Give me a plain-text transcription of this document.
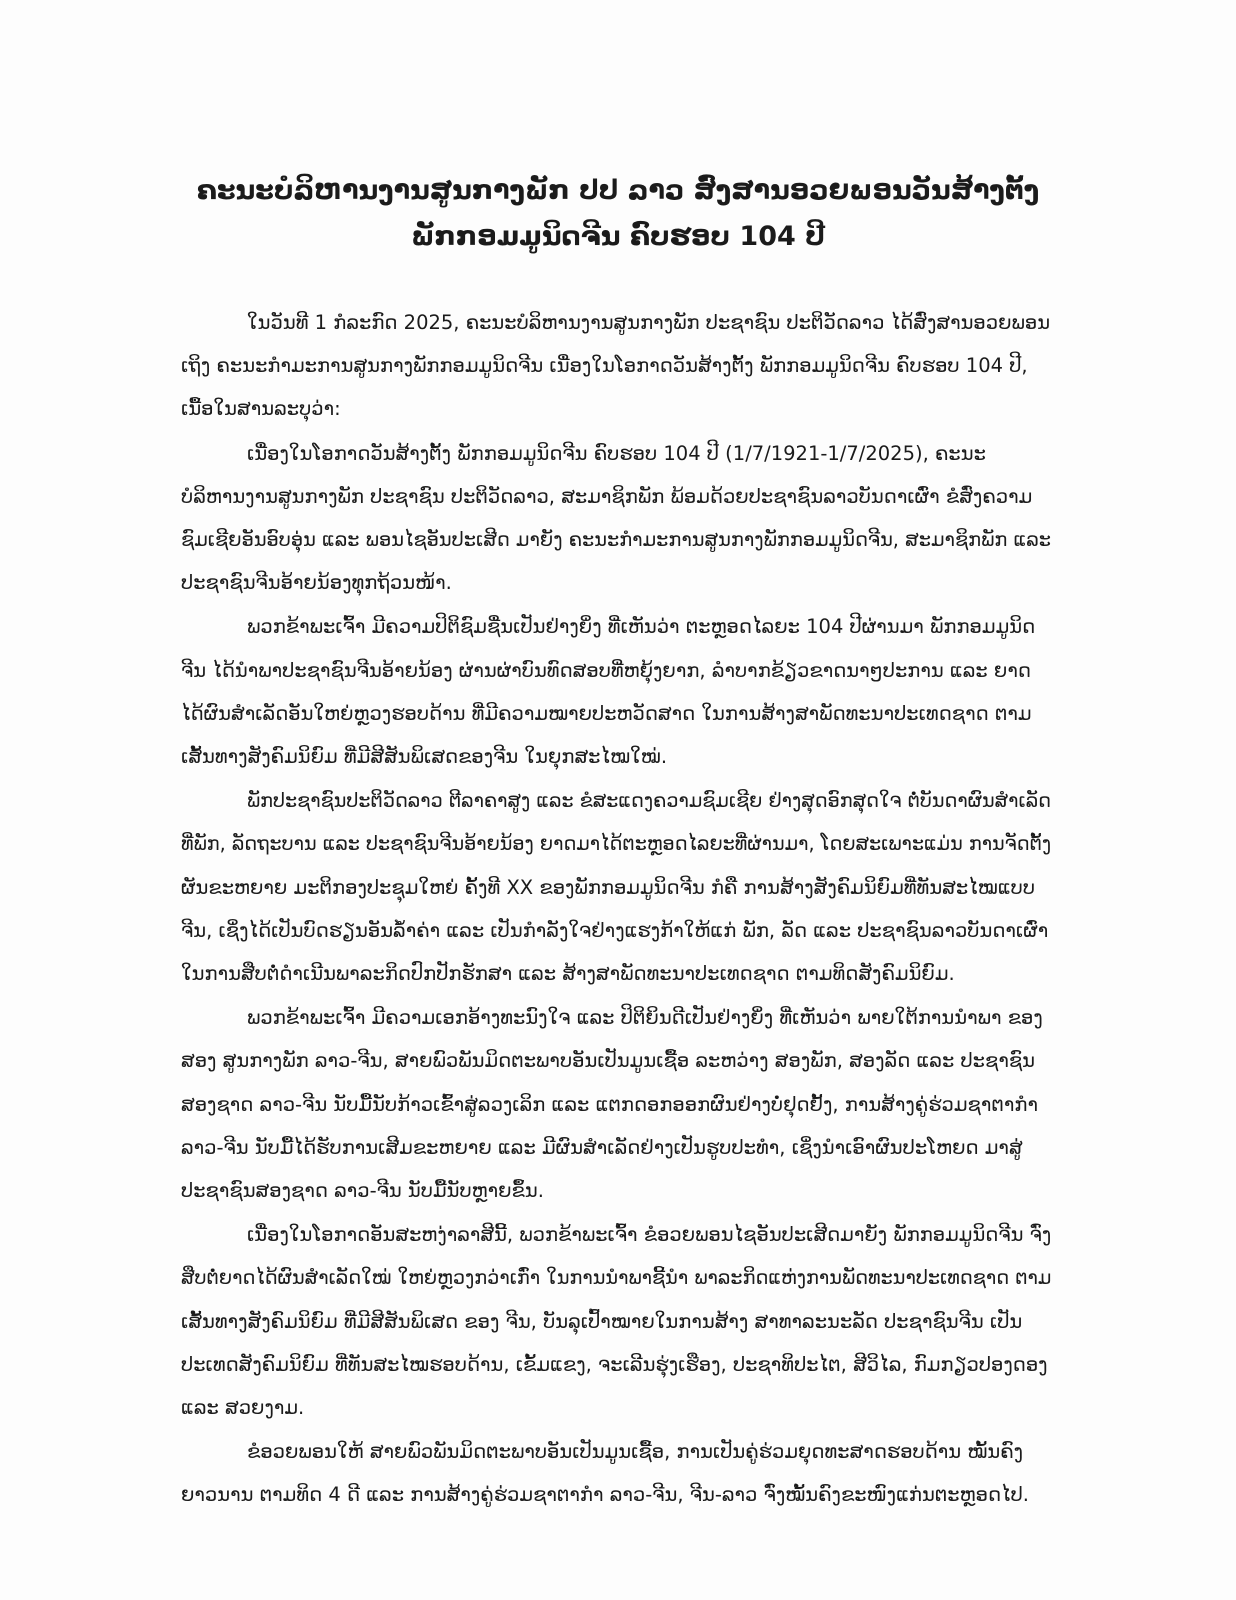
ຄະນະບໍລິຫານງານສູນກາງພັກ ປປ ລາວ ສົ່ງສານອວຍພອນວັນສ້າງຕັ້ງ
ພັກກອມມູນິດຈີນ ຄົບຮອບ 104 ປີ
ໃນວັນທີ 1 ກໍລະກົດ 2025, ຄະນະບໍລິຫານງານສູນກາງພັກ ປະຊາຊົນ ປະຕິວັດລາວ ໄດ້ສົ່ງສານອວຍພອນ
ເຖິງ ຄະນະກຳມະການສູນກາງພັກກອມມູນິດຈີນ ເນື່ອງໃນໂອກາດວັນສ້າງຕັ້ງ ພັກກອມມູນິດຈີນ ຄົບຮອບ 104 ປີ,
ເນື້ອໃນສານລະບຸວ່າ:
ເນື່ອງໃນໂອກາດວັນສ້າງຕັ້ງ ພັກກອມມູນິດຈີນ ຄົບຮອບ 104 ປີ (1/7/1921-1/7/2025), ຄະນະ
ບໍລິຫານງານສູນກາງພັກ ປະຊາຊົນ ປະຕິວັດລາວ, ສະມາຊິກພັກ ພ້ອມດ້ວຍປະຊາຊົນລາວບັນດາເຜົ່າ ຂໍສົ່ງຄວາມ
ຊົມເຊີຍອັນອົບອຸ່ນ ແລະ ພອນໄຊອັນປະເສີດ ມາຍັງ ຄະນະກຳມະການສູນກາງພັກກອມມູນິດຈີນ, ສະມາຊິກພັກ ແລະ
ປະຊາຊົນຈີນອ້າຍນ້ອງທຸກຖ້ວນໜ້າ.
ພວກຂ້າພະເຈົ້າ ມີຄວາມປິຕິຊົມຊື່ນເປັນຢ່າງຍິ່ງ ທີ່ເຫັນວ່າ ຕະຫຼອດໄລຍະ 104 ປີຜ່ານມາ ພັກກອມມູນິດ
ຈີນ ໄດ້ນຳພາປະຊາຊົນຈີນອ້າຍນ້ອງ ຜ່ານຜ່າບົນທົດສອບທີ່ຫຍຸ້ງຍາກ, ລຳບາກຂ້ຽວຂາດນາໆປະການ ແລະ ຍາດ
ໄດ້ຜົນສຳເລັດອັນໃຫຍ່ຫຼວງຮອບດ້ານ ທີ່ມີຄວາມໝາຍປະຫວັດສາດ ໃນການສ້າງສາພັດທະນາປະເທດຊາດ ຕາມ
ເສັ້ນທາງສັງຄົມນິຍົມ ທີ່ມີສີສັນພິເສດຂອງຈີນ ໃນຍຸກສະໄໝໃໝ່.
ພັກປະຊາຊົນປະຕິວັດລາວ ຕີລາຄາສູງ ແລະ ຂໍສະແດງຄວາມຊົມເຊີຍ ຢ່າງສຸດອົກສຸດໃຈ ຕໍ່ບັນດາຜົນສຳເລັດ
ທີ່ພັກ, ລັດຖະບານ ແລະ ປະຊາຊົນຈີນອ້າຍນ້ອງ ຍາດມາໄດ້ຕະຫຼອດໄລຍະທີ່ຜ່ານມາ, ໂດຍສະເພາະແມ່ນ ການຈັດຕັ້ງ
ຜັນຂະຫຍາຍ ມະຕິກອງປະຊຸມໃຫຍ່ ຄັ້ງທີ XX ຂອງພັກກອມມູນິດຈີນ ກໍຄື ການສ້າງສັງຄົມນິຍົມທີ່ທັນສະໄໝແບບ
ຈີນ, ເຊິ່ງໄດ້ເປັນບົດຮຽນອັນລ້ຳຄ່າ ແລະ ເປັນກຳລັງໃຈຢ່າງແຮງກ້າໃຫ້ແກ່ ພັກ, ລັດ ແລະ ປະຊາຊົນລາວບັນດາເຜົ່າ
ໃນການສືບຕໍ່ດຳເນີນພາລະກິດປົກປັກຮັກສາ ແລະ ສ້າງສາພັດທະນາປະເທດຊາດ ຕາມທິດສັງຄົມນິຍົມ.
ພວກຂ້າພະເຈົ້າ ມີຄວາມເອກອ້າງທະນົງໃຈ ແລະ ປິຕິຍິນດີເປັນຢ່າງຍິ່ງ ທີ່ເຫັນວ່າ ພາຍໃຕ້ການນຳພາ ຂອງ
ສອງ ສູນກາງພັກ ລາວ-ຈີນ, ສາຍພົວພັນມິດຕະພາບອັນເປັນມູນເຊື້ອ ລະຫວ່າງ ສອງພັກ, ສອງລັດ ແລະ ປະຊາຊົນ
ສອງຊາດ ລາວ-ຈີນ ນັບມື້ນັບກ້າວເຂົ້າສູ່ລວງເລິກ ແລະ ແຕກດອກອອກຜົນຢ່າງບໍ່ຢຸດຢັ້ງ, ການສ້າງຄູ່ຮ່ວມຊາຕາກຳ
ລາວ-ຈີນ ນັບມື້ໄດ້ຮັບການເສີມຂະຫຍາຍ ແລະ ມີຜົນສຳເລັດຢ່າງເປັນຮູບປະທຳ, ເຊິ່ງນຳເອົາຜົນປະໂຫຍດ ມາສູ່
ປະຊາຊົນສອງຊາດ ລາວ-ຈີນ ນັບມື້ນັບຫຼາຍຂຶ້ນ.
ເນື່ອງໃນໂອກາດອັນສະຫງ່າລາສີນີ້, ພວກຂ້າພະເຈົ້າ ຂໍອວຍພອນໄຊອັນປະເສີດມາຍັງ ພັກກອມມູນິດຈີນ ຈົ່ງ
ສືບຕໍ່ຍາດໄດ້ຜົນສຳເລັດໃໝ່ ໃຫຍ່ຫຼວງກວ່າເກົ່າ ໃນການນຳພາຊີ້ນຳ ພາລະກິດແຫ່ງການພັດທະນາປະເທດຊາດ ຕາມ
ເສັ້ນທາງສັງຄົມນິຍົມ ທີ່ມີສີສັນພິເສດ ຂອງ ຈີນ, ບັນລຸເປົ້າໝາຍໃນການສ້າງ ສາທາລະນະລັດ ປະຊາຊົນຈີນ ເປັນ
ປະເທດສັງຄົມນິຍົມ ທີ່ທັນສະໄໝຮອບດ້ານ, ເຂັ້ມແຂງ, ຈະເລີນຮຸ່ງເຮືອງ, ປະຊາທິປະໄຕ, ສີວິໄລ, ກົມກຽວປອງດອງ
ແລະ ສວຍງາມ.
ຂໍອວຍພອນໃຫ້ ສາຍພົວພັນມິດຕະພາບອັນເປັນມູນເຊື້ອ, ການເປັນຄູ່ຮ່ວມຍຸດທະສາດຮອບດ້ານ ໝັ້ນຄົງ
ຍາວນານ ຕາມທິດ 4 ດີ ແລະ ການສ້າງຄູ່ຮ່ວມຊາຕາກຳ ລາວ-ຈີນ, ຈີນ-ລາວ ຈົ່ງໝັ້ນຄົງຂະໜົງແກ່ນຕະຫຼອດໄປ.
